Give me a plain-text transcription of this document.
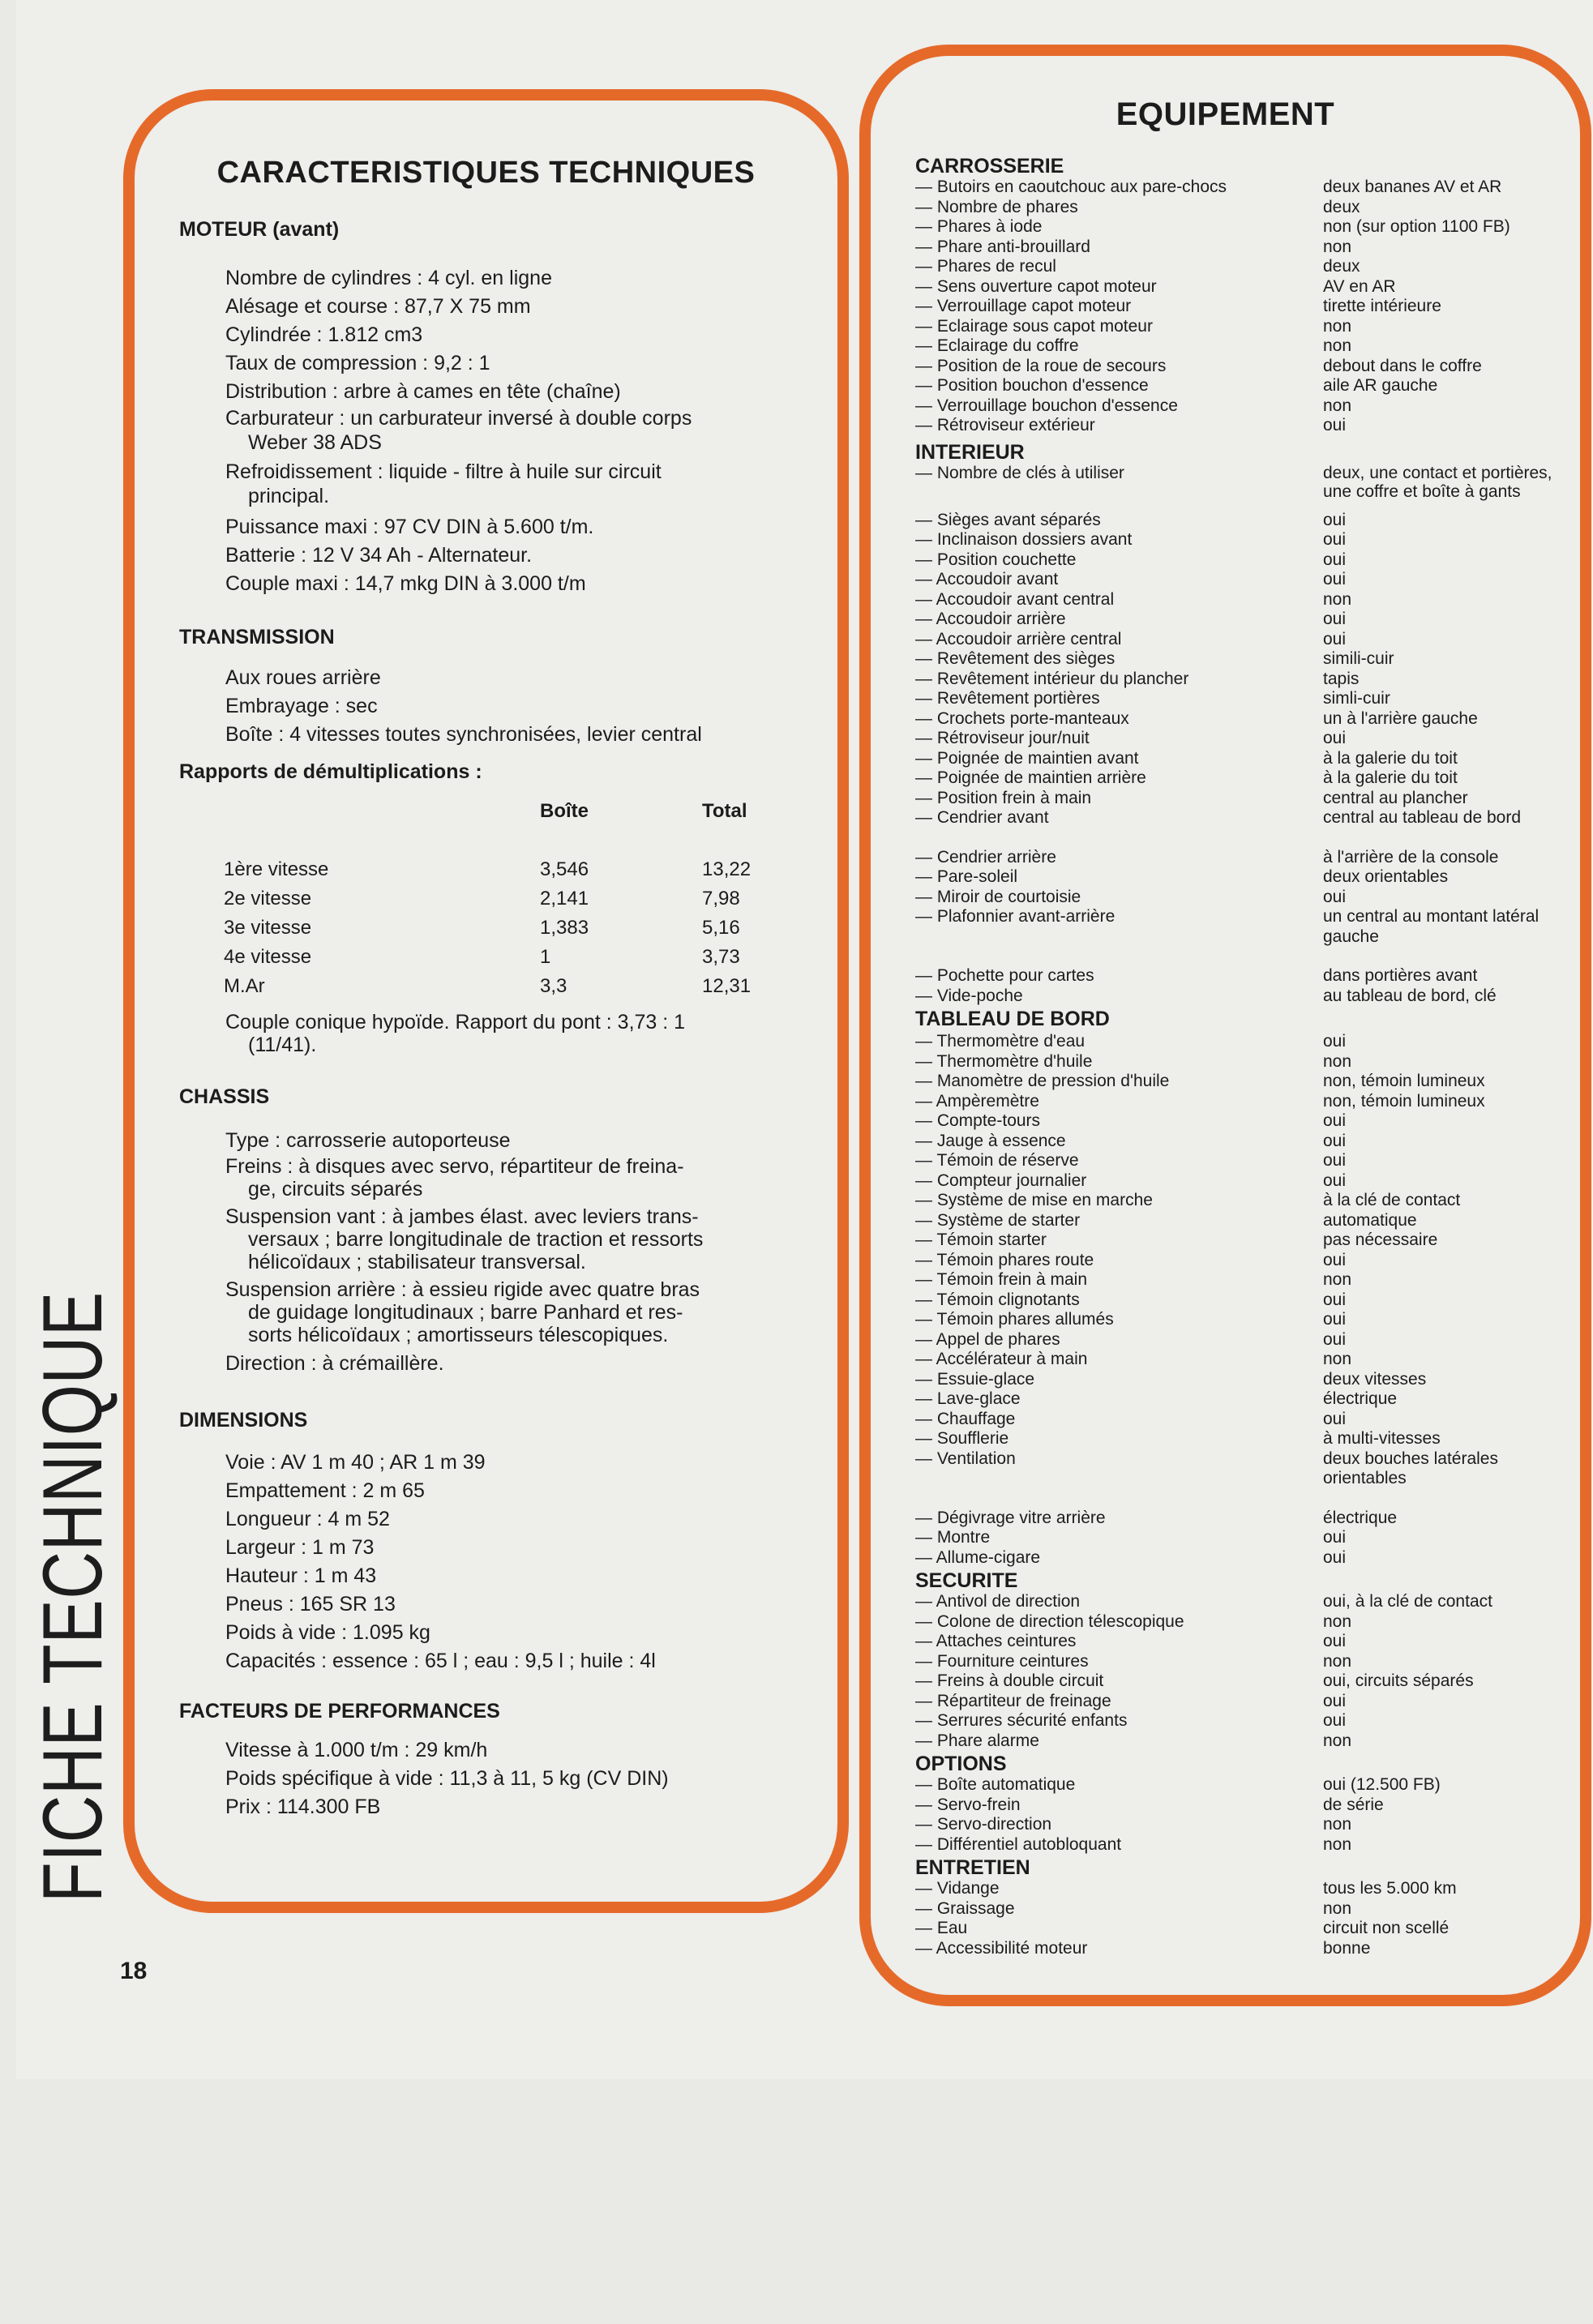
FICHE TECHNIQUE
18
CARACTERISTIQUES TECHNIQUES
MOTEUR (avant)
Nombre de cylindres : 4 cyl. en ligne
Alésage et course : 87,7 X 75 mm
Cylindrée : 1.812 cm3
Taux de compression : 9,2 : 1
Distribution : arbre à cames en tête (chaîne)
Carburateur : un carburateur inversé à double corps
Weber 38 ADS
Refroidissement : liquide - filtre à huile sur circuit
principal.
Puissance maxi : 97 CV DIN à 5.600 t/m.
Batterie : 12 V 34 Ah - Alternateur.
Couple maxi : 14,7 mkg DIN à 3.000 t/m
TRANSMISSION
Aux roues arrière
Embrayage : sec
Boîte : 4 vitesses toutes synchronisées, levier central
Rapports de démultiplications :
	Boîte	Total

1ère vitesse	3,546	13,22
2e vitesse	2,141	7,98
3e vitesse	1,383	5,16
4e vitesse	1	3,73
M.Ar	3,3	12,31
Couple conique hypoïde. Rapport du pont : 3,73 : 1
(11/41).
CHASSIS
Type : carrosserie autoporteuse
Freins : à disques avec servo, répartiteur de freina-
ge, circuits séparés
Suspension vant : à jambes élast. avec leviers trans-
versaux ; barre longitudinale de traction et ressorts
hélicoïdaux ; stabilisateur transversal.
Suspension arrière : à essieu rigide avec quatre bras
de guidage longitudinaux ; barre Panhard et res-
sorts hélicoïdaux ; amortisseurs télescopiques.
Direction : à crémaillère.
DIMENSIONS
Voie : AV 1 m 40 ; AR 1 m 39
Empattement : 2 m 65
Longueur : 4 m 52
Largeur : 1 m 73
Hauteur : 1 m 43
Pneus : 165 SR 13
Poids à vide : 1.095 kg
Capacités : essence : 65 l ; eau : 9,5 l ; huile : 4l
FACTEURS DE PERFORMANCES
Vitesse à 1.000 t/m : 29 km/h
Poids spécifique à vide : 11,3 à 11, 5 kg (CV DIN)
Prix : 114.300 FB
EQUIPEMENT
CARROSSERIE
— Butoirs en caoutchouc aux pare-chocs	deux bananes AV et AR
— Nombre de phares	deux
— Phares à iode	non (sur option 1100 FB)
— Phare anti-brouillard	non
— Phares de recul	deux
— Sens ouverture capot moteur	AV en AR
— Verrouillage capot moteur	tirette intérieure
— Eclairage sous capot moteur	non
— Eclairage du coffre	non
— Position de la roue de secours	debout dans le coffre
— Position bouchon d'essence	aile AR gauche
— Verrouillage bouchon d'essence	non
— Rétroviseur extérieur	oui
INTERIEUR
— Nombre de clés à utiliser	deux, une contact et portières, une coffre et boîte à gants
— Sièges avant séparés	oui
— Inclinaison dossiers avant	oui
— Position couchette	oui
— Accoudoir avant	oui
— Accoudoir avant central	non
— Accoudoir arrière	oui
— Accoudoir arrière central	oui
— Revêtement des sièges	simili-cuir
— Revêtement intérieur du plancher	tapis
— Revêtement portières	simli-cuir
— Crochets porte-manteaux	un à l'arrière gauche
— Rétroviseur jour/nuit	oui
— Poignée de maintien avant	à la galerie du toit
— Poignée de maintien arrière	à la galerie du toit
— Position frein à main	central au plancher
— Cendrier avant	central au tableau de bord
— Cendrier arrière	à l'arrière de la console
— Pare-soleil	deux orientables
— Miroir de courtoisie	oui
— Plafonnier avant-arrière	un central au montant latéral gauche
— Pochette pour cartes	dans portières avant
— Vide-poche	au tableau de bord, clé
TABLEAU DE BORD
— Thermomètre d'eau	oui
— Thermomètre d'huile	non
— Manomètre de pression d'huile	non, témoin lumineux
— Ampèremètre	non, témoin lumineux
— Compte-tours	oui
— Jauge à essence	oui
— Témoin de réserve	oui
— Compteur journalier	oui
— Système de mise en marche	à la clé de contact
— Système de starter	automatique
— Témoin starter	pas nécessaire
— Témoin phares route	oui
— Témoin frein à main	non
— Témoin clignotants	oui
— Témoin phares allumés	oui
— Appel de phares	oui
— Accélérateur à main	non
— Essuie-glace	deux vitesses
— Lave-glace	électrique
— Chauffage	oui
— Soufflerie	à multi-vitesses
— Ventilation	deux bouches latérales orientables
— Dégivrage vitre arrière	électrique
— Montre	oui
— Allume-cigare	oui
SECURITE
— Antivol de direction	oui, à la clé de contact
— Colone de direction télescopique	non
— Attaches ceintures	oui
— Fourniture ceintures	non
— Freins à double circuit	oui, circuits séparés
— Répartiteur de freinage	oui
— Serrures sécurité enfants	oui
— Phare alarme	non
OPTIONS
— Boîte automatique	oui (12.500 FB)
— Servo-frein	de série
— Servo-direction	non
— Différentiel autobloquant	non
ENTRETIEN
— Vidange	tous les 5.000 km
— Graissage	non
— Eau	circuit non scellé
— Accessibilité moteur	bonne
